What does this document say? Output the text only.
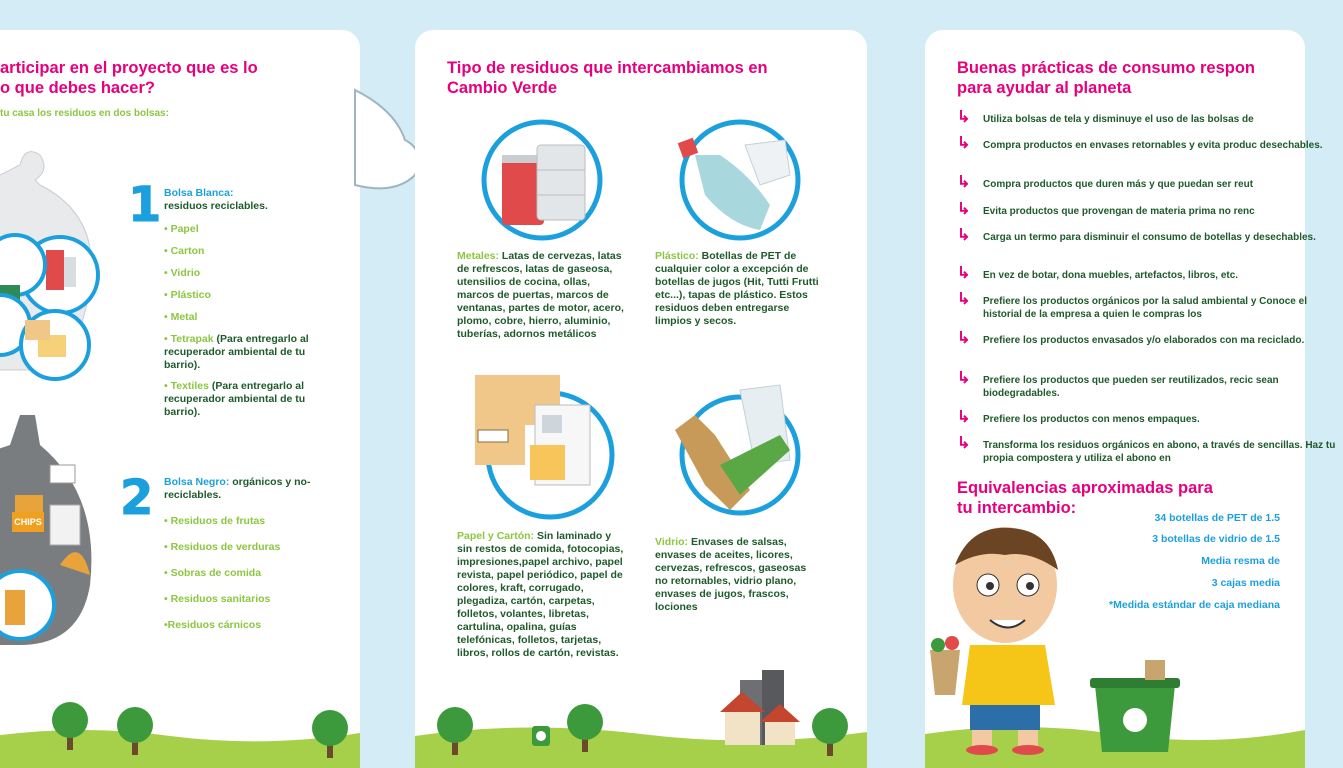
articipar en el proyecto que es lo
o que debes hacer?
tu casa los residuos en dos bolsas:
1 Bolsa Blanca:
residuos reciclables.
• Papel
• Carton
• Vidrio
• Plástico
• Metal
• Tetrapak (Para entregarlo al recuperador ambiental de tu barrio).
• Textiles (Para entregarlo al recuperador ambiental de tu barrio).
CHIPS 2 Bolsa Negro: orgánicos y no-reciclables.
• Residuos de frutas
• Residuos de verduras
• Sobras de comida
• Residuos sanitarios
•Residuos cárnicos
Tipo de residuos que intercambiamos en
Cambio Verde
Metales: Latas de cervezas, latas de refrescos, latas de gaseosa, utensilios de cocina, ollas, marcos de puertas, marcos de ventanas, partes de motor, acero, plomo, cobre, hierro, aluminio, tuberías, adornos metálicos
Plástico: Botellas de PET de cualquier color a excepción de botellas de jugos (Hit, Tutti Frutti etc...), tapas de plástico. Estos residuos deben entregarse limpios y secos.
Papel y Cartón: Sin laminado y sin restos de comida, fotocopias, impresiones,papel archivo, papel revista, papel periódico, papel de colores, kraft, corrugado, plegadiza, cartón, carpetas, folletos, volantes, libretas, cartulina, opalina, guías telefónicas, folletos, tarjetas, libros, rollos de cartón, revistas.
Vidrio: Envases de salsas, envases de aceites, licores, cervezas, refrescos, gaseosas no retornables, vidrio plano, envases de jugos, frascos, lociones
Buenas prácticas de consumo respon
para ayudar al planeta
↳ Utiliza bolsas de tela y disminuye el uso de las bolsas de
↳ Compra productos en envases retornables y evita produc desechables.
↳ Compra productos que duren más y que puedan ser reut
↳ Evita productos que provengan de materia prima no renc
↳ Carga un termo para disminuir el consumo de botellas y desechables.
↳ En vez de botar, dona muebles, artefactos, libros, etc.
↳ Prefiere los productos orgánicos por la salud ambiental y Conoce el historial de la empresa a quien le compras los
↳ Prefiere los productos envasados y/o elaborados con ma reciclado.
↳ Prefiere los productos que pueden ser reutilizados, recic sean biodegradables.
↳ Prefiere los productos con menos empaques.
↳ Transforma los residuos orgánicos en abono, a través de sencillas. Haz tu propia compostera y utiliza el abono en
Equivalencias aproximadas para
tu intercambio:
34 botellas de PET de 1.5
3 botellas de vidrio de 1.5
Media resma de
3 cajas media
*Medida estándar de caja mediana
